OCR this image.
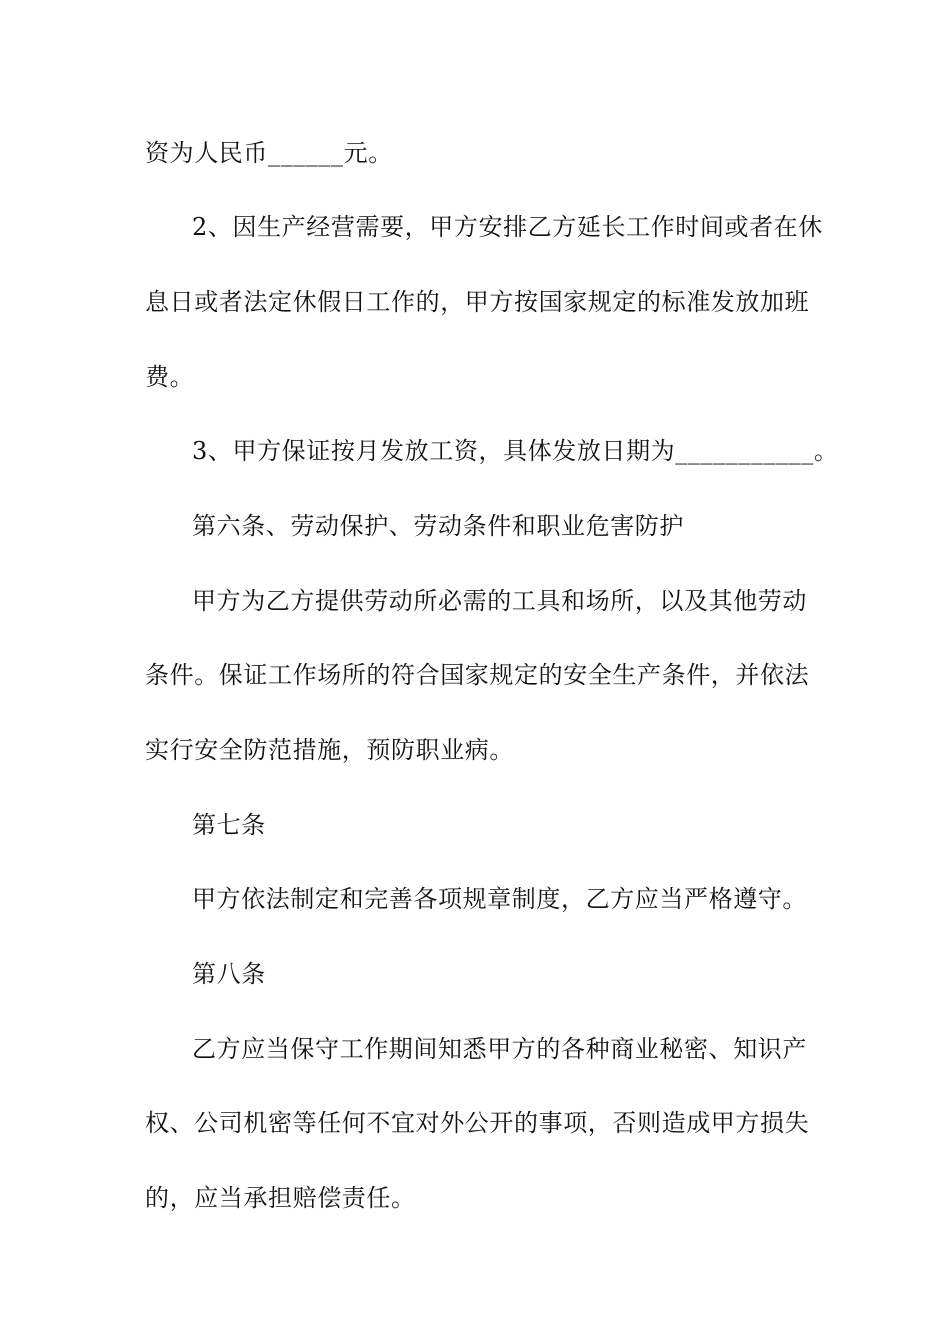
资为人民币______元。
2、因生产经营需要，甲方安排乙方延长工作时间或者在休
息日或者法定休假日工作的，甲方按国家规定的标准发放加班
费。
3、甲方保证按月发放工资，具体发放日期为___________。
第六条、劳动保护、劳动条件和职业危害防护
甲方为乙方提供劳动所必需的工具和场所，以及其他劳动
条件。保证工作场所的符合国家规定的安全生产条件，并依法
实行安全防范措施，预防职业病。
第七条
甲方依法制定和完善各项规章制度，乙方应当严格遵守。
第八条
乙方应当保守工作期间知悉甲方的各种商业秘密、知识产
权、公司机密等任何不宜对外公开的事项，否则造成甲方损失
的，应当承担赔偿责任。
